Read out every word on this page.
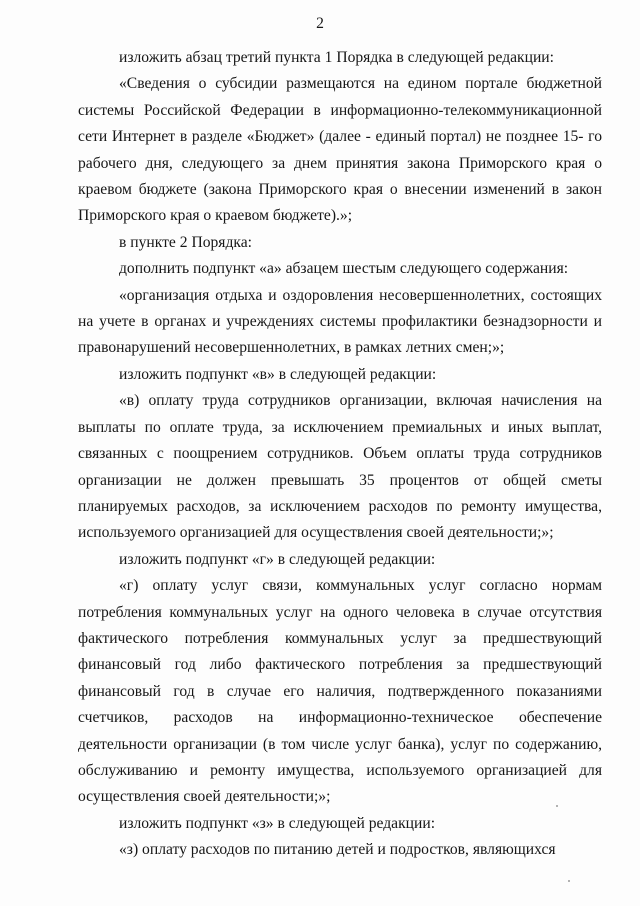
2

изложить абзац третий пункта 1 Порядка в следующей редакции:

«Сведения о субсидии размещаются на едином портале бюджетной системы Российской Федерации в информационно-телекоммуникационной сети Интернет в разделе «Бюджет» (далее - единый портал) не позднее 15- го рабочего дня, следующего за днем принятия закона Приморского края о краевом бюджете (закона Приморского края о внесении изменений в закон Приморского края о краевом бюджете).»;

в пункте 2 Порядка:

дополнить подпункт «а» абзацем шестым следующего содержания:

«организация отдыха и оздоровления несовершеннолетних, состоящих на учете в органах и учреждениях системы профилактики безнадзорности и правонарушений несовершеннолетних, в рамках летних смен;»;

изложить подпункт «в» в следующей редакции:

«в) оплату труда сотрудников организации, включая начисления на выплаты по оплате труда, за исключением премиальных и иных выплат, связанных с поощрением сотрудников. Объем оплаты труда сотрудников организации не должен превышать 35 процентов от общей сметы планируемых расходов, за исключением расходов по ремонту имущества, используемого организацией для осуществления своей деятельности;»;

изложить подпункт «г» в следующей редакции:

«г) оплату услуг связи, коммунальных услуг согласно нормам потребления коммунальных услуг на одного человека в случае отсутствия фактического потребления коммунальных услуг за предшествующий финансовый год либо фактического потребления за предшествующий финансовый год в случае его наличия, подтвержденного показаниями счетчиков, расходов на информационно-техническое обеспечение деятельности организации (в том числе услуг банка), услуг по содержанию, обслуживанию и ремонту имущества, используемого организацией для осуществления своей деятельности;»;

изложить подпункт «з» в следующей редакции:

«з) оплату расходов по питанию детей и подростков, являющихся
